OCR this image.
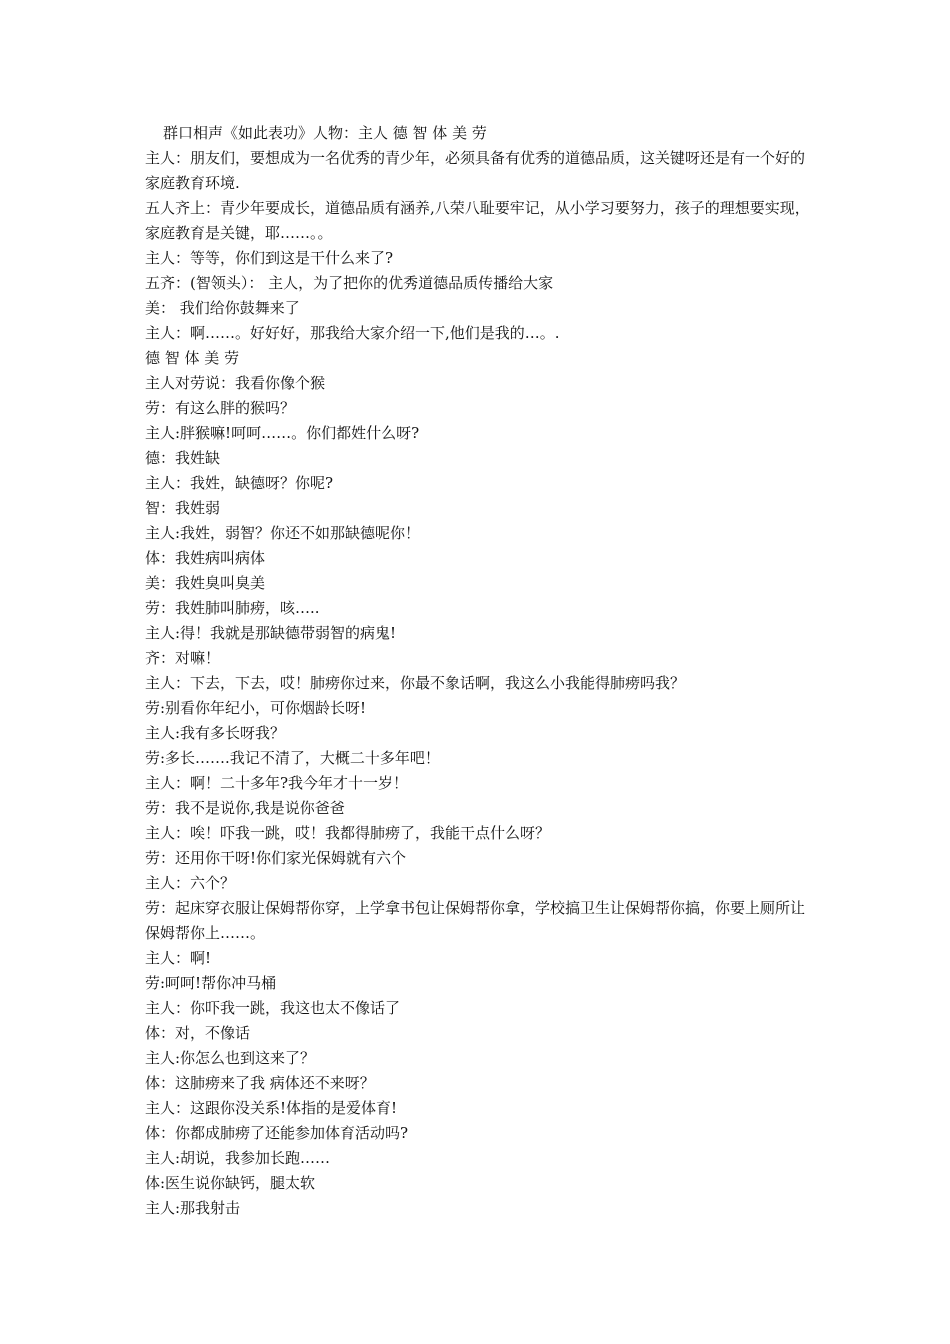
群口相声《如此表功》人物：主人 德 智 体 美 劳

主人：朋友们，要想成为一名优秀的青少年，必须具备有优秀的道德品质，这关键呀还是有一个好的家庭教育环境.

五人齐上：青少年要成长，道德品质有涵养,八荣八耻要牢记，从小学习要努力，孩子的理想要实现，家庭教育是关键，耶……。。

主人：等等，你们到这是干什么来了?

五齐：(智领头）： 主人，为了把你的优秀道德品质传播给大家

美： 我们给你鼓舞来了

主人：啊……。好好好，那我给大家介绍一下,他们是我的…。.

德 智 体 美 劳

主人对劳说：我看你像个猴

劳：有这么胖的猴吗？

主人:胖猴嘛!呵呵……。你们都姓什么呀?

德：我姓缺

主人：我姓，缺德呀？你呢?

智：我姓弱

主人:我姓，弱智？你还不如那缺德呢你！

体：我姓病叫病体

美：我姓臭叫臭美

劳：我姓肺叫肺痨，咳…..

主人:得！我就是那缺德带弱智的病鬼!

齐：对嘛！

主人：下去，下去，哎！肺痨你过来，你最不象话啊，我这么小我能得肺痨吗我？

劳:别看你年纪小，可你烟龄长呀!

主人:我有多长呀我？

劳:多长…….我记不清了，大概二十多年吧！

主人：啊！二十多年?我今年才十一岁！

劳：我不是说你,我是说你爸爸

主人：唉！吓我一跳，哎！我都得肺痨了，我能干点什么呀？

劳：还用你干呀!你们家光保姆就有六个

主人：六个？

劳：起床穿衣服让保姆帮你穿，上学拿书包让保姆帮你拿，学校搞卫生让保姆帮你搞，你要上厕所让保姆帮你上……。

主人：啊!

劳:呵呵!帮你冲马桶

主人：你吓我一跳，我这也太不像话了

体：对，不像话

主人:你怎么也到这来了？

体：这肺痨来了我 病体还不来呀？

主人：这跟你没关系!体指的是爱体育!

体：你都成肺痨了还能参加体育活动吗?

主人:胡说，我参加长跑……

体:医生说你缺钙，腿太软

主人:那我射击
